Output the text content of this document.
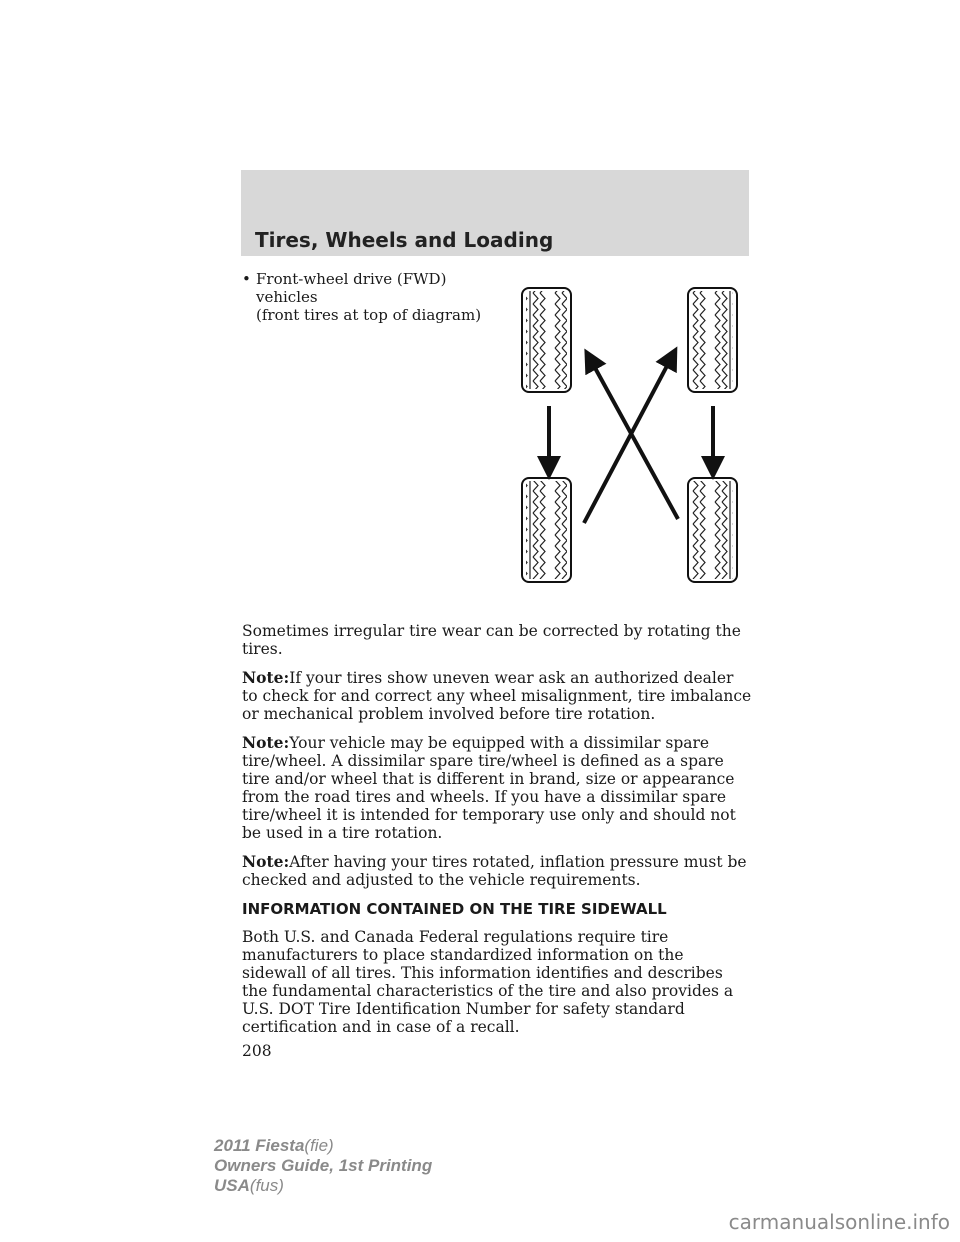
Tires, Wheels and Loading
• Front-wheel drive (FWD) vehicles
(front tires at top of diagram)

Sometimes irregular tire wear can be corrected by rotating the tires.

Note:If your tires show uneven wear ask an authorized dealer to check for and correct any wheel misalignment, tire imbalance or mechanical problem involved before tire rotation.

Note:Your vehicle may be equipped with a dissimilar spare tire/wheel. A dissimilar spare tire/wheel is defined as a spare tire and/or wheel that is different in brand, size or appearance from the road tires and wheels. If you have a dissimilar spare tire/wheel it is intended for temporary use only and should not be used in a tire rotation.

Note:After having your tires rotated, inflation pressure must be checked and adjusted to the vehicle requirements.

INFORMATION CONTAINED ON THE TIRE SIDEWALL

Both U.S. and Canada Federal regulations require tire manufacturers to place standardized information on the sidewall of all tires. This information identifies and describes the fundamental characteristics of the tire and also provides a U.S. DOT Tire Identification Number for safety standard certification and in case of a recall.

208

2011 Fiesta(fie)
Owners Guide, 1st Printing
USA(fus)
carmanualsonline.info
